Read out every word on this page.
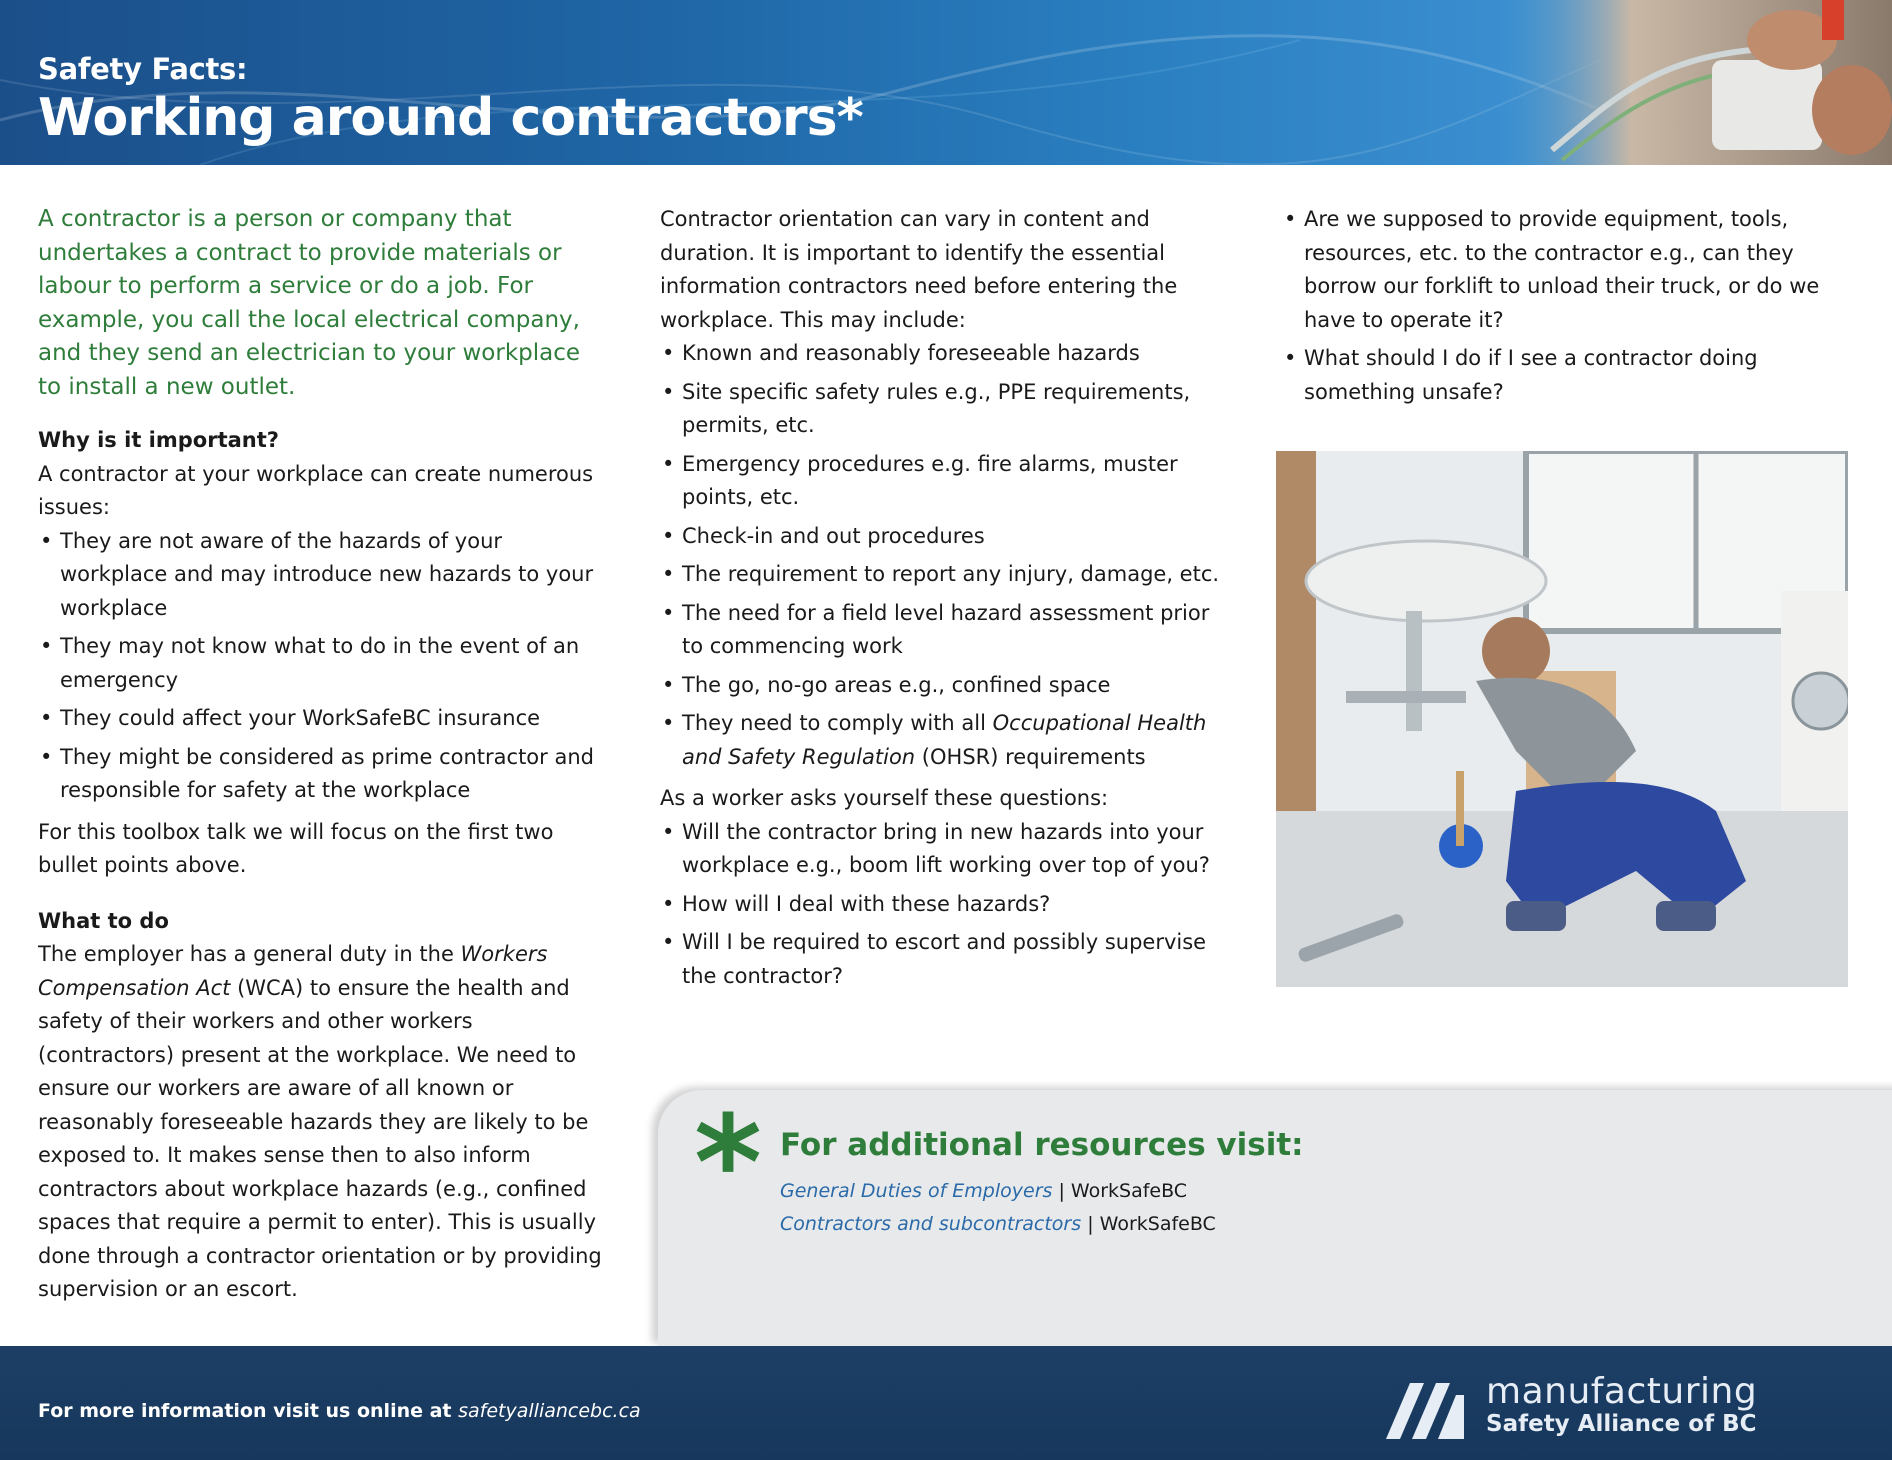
Safety Facts:
Working around contractors*

A contractor is a person or company that undertakes a contract to provide materials or labour to perform a service or do a job. For example, you call the local electrical company, and they send an electrician to your workplace to install a new outlet.

Why is it important?

A contractor at your workplace can create numerous issues:

• They are not aware of the hazards of your workplace and may introduce new hazards to your workplace
• They may not know what to do in the event of an emergency
• They could affect your WorkSafeBC insurance
• They might be considered as prime contractor and responsible for safety at the workplace

For this toolbox talk we will focus on the first two bullet points above.

What to do

The employer has a general duty in the Workers Compensation Act (WCA) to ensure the health and safety of their workers and other workers (contractors) present at the workplace. We need to ensure our workers are aware of all known or reasonably foreseeable hazards they are likely to be exposed to. It makes sense then to also inform contractors about workplace hazards (e.g., confined spaces that require a permit to enter). This is usually done through a contractor orientation or by providing supervision or an escort.

Contractor orientation can vary in content and duration. It is important to identify the essential information contractors need before entering the workplace. This may include:

• Known and reasonably foreseeable hazards
• Site specific safety rules e.g., PPE requirements, permits, etc.
• Emergency procedures e.g. fire alarms, muster points, etc.
• Check-in and out procedures
• The requirement to report any injury, damage, etc.
• The need for a field level hazard assessment prior to commencing work
• The go, no-go areas e.g., confined space
• They need to comply with all Occupational Health and Safety Regulation (OHSR) requirements

As a worker asks yourself these questions:

• Will the contractor bring in new hazards into your workplace e.g., boom lift working over top of you?
• How will I deal with these hazards?
• Will I be required to escort and possibly supervise the contractor?
• Are we supposed to provide equipment, tools, resources, etc. to the contractor e.g., can they borrow our forklift to unload their truck, or do we have to operate it?
• What should I do if I see a contractor doing something unsafe?
* For additional resources visit:
General Duties of Employers | WorkSafeBC
Contractors and subcontractors | WorkSafeBC
For more information visit us online at safetyalliancebc.ca	manufacturing
Safety Alliance of BC
